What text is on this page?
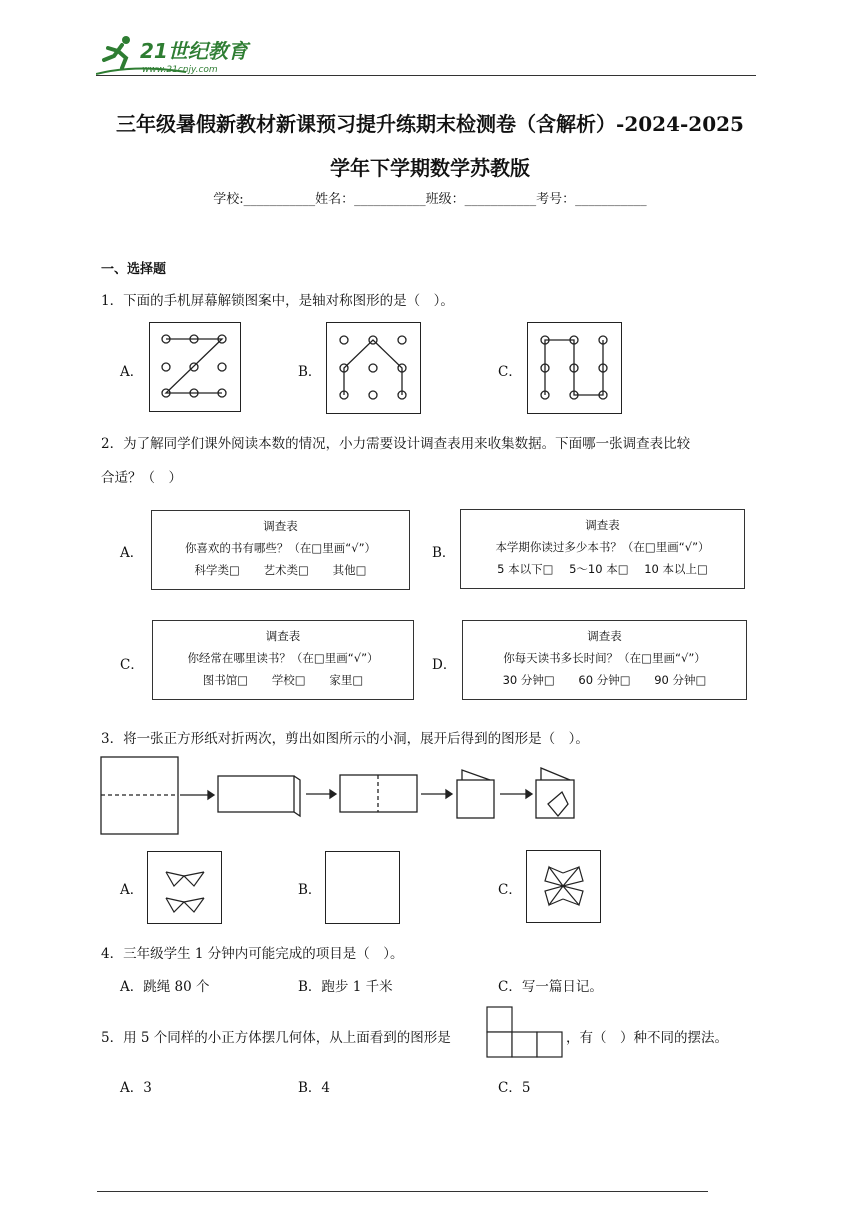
21世纪教育
www.21cnjy.com
三年级暑假新教材新课预习提升练期末检测卷（含解析）-2024-2025
学年下学期数学苏教版
学校:___________姓名：___________班级：___________考号：___________
一、选择题
1．下面的手机屏幕解锁图案中，是轴对称图形的是（　）。
A．	B．	C．
2．为了解同学们课外阅读本数的情况，小力需要设计调查表用来收集数据。下面哪一张调查表比较
合适？（　）
A．
调查表
你喜欢的书有哪些？（在□里画“√”）
科学类□ 艺术类□ 其他□
B．
调查表
本学期你读过多少本书？（在□里画“√”）
5 本以下□ 5～10 本□ 10 本以上□
C．
调查表
你经常在哪里读书？（在□里画“√”）
图书馆□ 学校□ 家里□
D．
调查表
你每天读书多长时间？（在□里画“√”）
30 分钟□ 60 分钟□ 90 分钟□
3．将一张正方形纸对折两次，剪出如图所示的小洞，展开后得到的图形是（　）。
A．	B．	C．
4．三年级学生 1 分钟内可能完成的项目是（　）。
A．跳绳 80 个	B．跑步 1 千米	C．写一篇日记。
5．用 5 个同样的小正方体摆几何体，从上面看到的图形是	，有（　）种不同的摆法。
A．3	B．4	C．5
